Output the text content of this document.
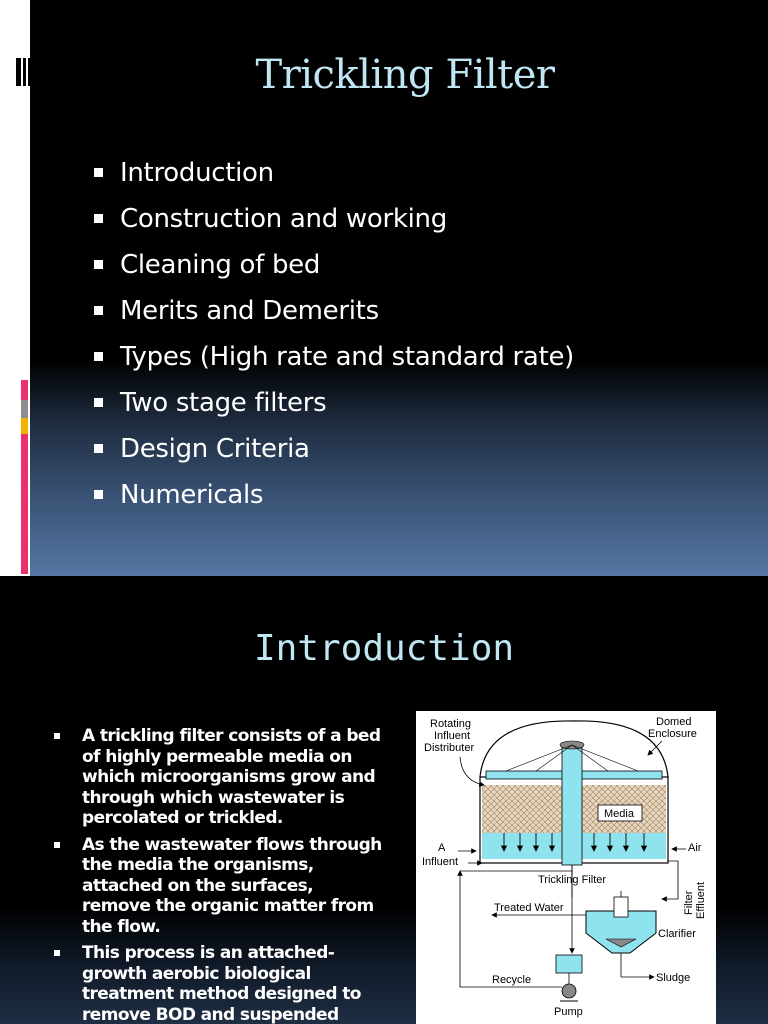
Trickling Filter
Introduction
Construction and working
Cleaning of bed
Merits and Demerits
Types (High rate and standard rate)
Two stage filters
Design Criteria
Numericals
Introduction
A trickling filter consists of a bed of highly permeable media on which microorganisms grow and through which wastewater is percolated or trickled.
As the wastewater flows through the media the organisms, attached on the surfaces, remove the organic matter from the flow.
This process is an attached-growth aerobic biological treatment method designed to remove BOD and suspended
Media
Rotating
Influent
Distributer
Domed
Enclosure
A
Influent
Air
Trickling Filter
Filter Effluent
Clarifier
Sludge
Treated Water
Pump
Recycle
